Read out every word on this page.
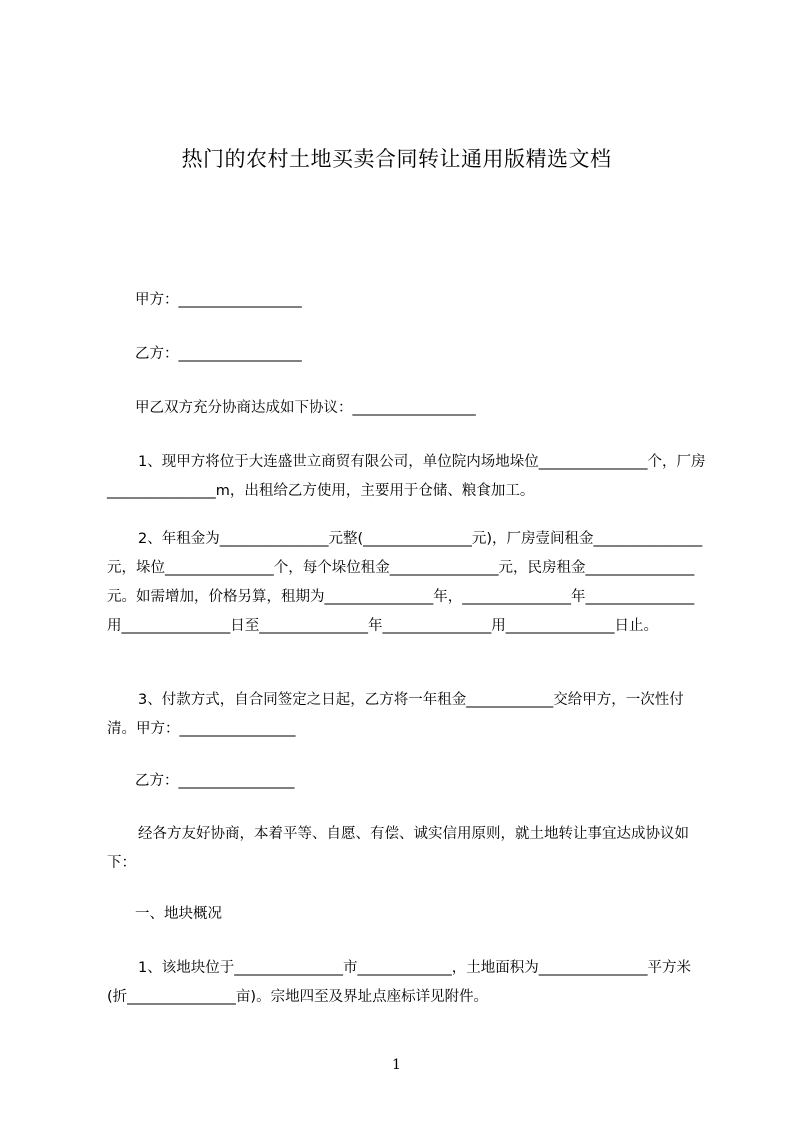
热门的农村土地买卖合同转让通用版精选文档
甲方：_________________
乙方：_________________
甲乙双方充分协商达成如下协议：_________________
1、现甲方将位于大连盛世立商贸有限公司，单位院内场地垛位_______________个，厂房_______________m，出租给乙方使用，主要用于仓储、粮食加工。
2、年租金为_______________元整(_______________元)，厂房壹间租金_______________元，垛位_______________个，每个垛位租金_______________元，民房租金_______________元。如需增加，价格另算，租期为_______________年，_______________年_______________用_______________日至_______________年_______________用_______________日止。
3、付款方式，自合同签定之日起，乙方将一年租金____________交给甲方，一次性付清。甲方：________________
乙方：________________
经各方友好协商，本着平等、自愿、有偿、诚实信用原则，就土地转让事宜达成协议如下：
一、地块概况
1、该地块位于_______________市_____________，土地面积为_______________平方米(折_______________亩)。宗地四至及界址点座标详见附件。
1
